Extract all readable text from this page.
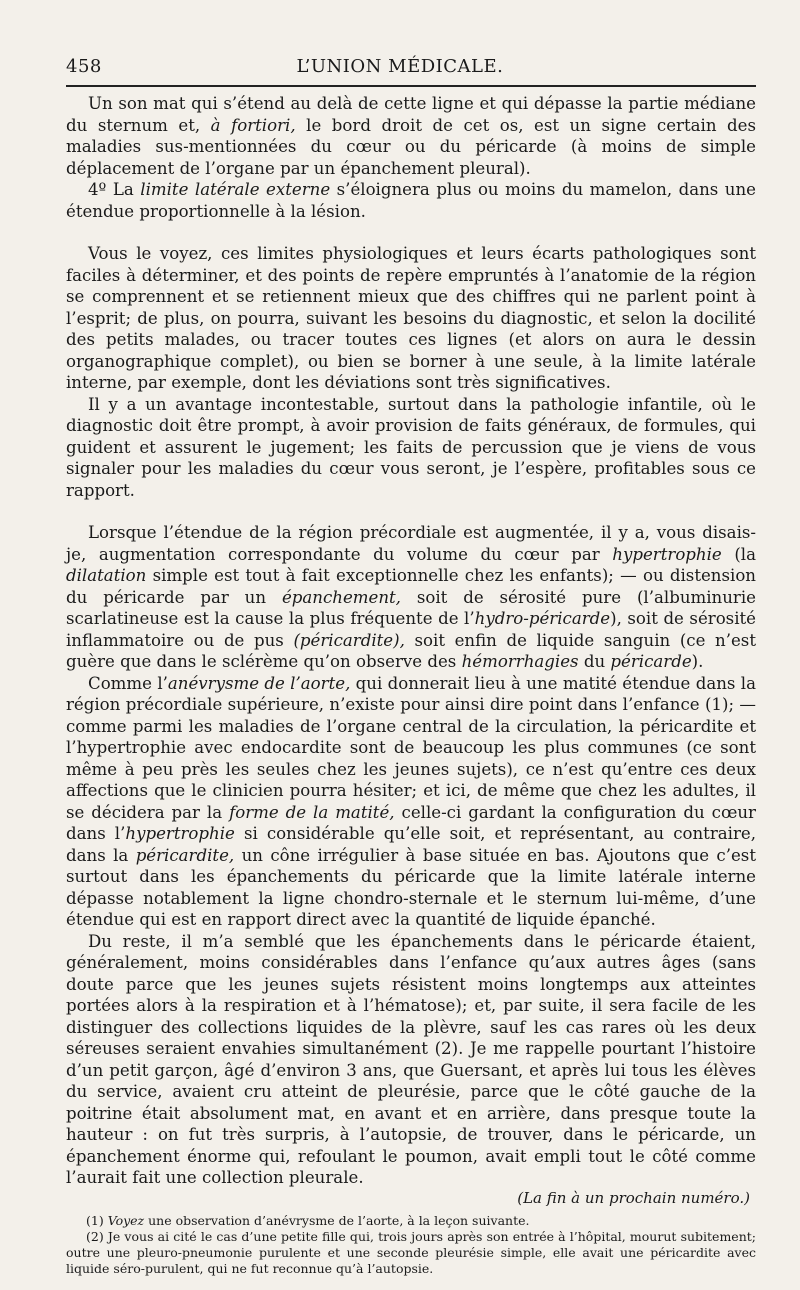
458	L’UNION MÉDICALE.

Un son mat qui s’étend au delà de cette ligne et qui dépasse la partie médiane du sternum et, à fortiori, le bord droit de cet os, est un signe certain des maladies sus-mentionnées du cœur ou du péricarde (à moins de simple déplacement de l’organe par un épanchement pleural).

4º La limite latérale externe s’éloignera plus ou moins du mamelon, dans une étendue proportionnelle à la lésion.

Vous le voyez, ces limites physiologiques et leurs écarts pathologiques sont faciles à déterminer, et des points de repère empruntés à l’anatomie de la région se comprennent et se retiennent mieux que des chiffres qui ne parlent point à l’esprit; de plus, on pourra, suivant les besoins du diagnostic, et selon la docilité des petits malades, ou tracer toutes ces lignes (et alors on aura le dessin organographique complet), ou bien se borner à une seule, à la limite latérale interne, par exemple, dont les déviations sont très significatives.

Il y a un avantage incontestable, surtout dans la pathologie infantile, où le diagnostic doit être prompt, à avoir provision de faits généraux, de formules, qui guident et assurent le jugement; les faits de percussion que je viens de vous signaler pour les maladies du cœur vous seront, je l’espère, profitables sous ce rapport.

Lorsque l’étendue de la région précordiale est augmentée, il y a, vous disais-je, augmentation correspondante du volume du cœur par hypertrophie (la dilatation simple est tout à fait exceptionnelle chez les enfants); — ou distension du péricarde par un épanchement, soit de sérosité pure (l’albuminurie scarlatineuse est la cause la plus fréquente de l’hydro-péricarde), soit de sérosité inflammatoire ou de pus (péricardite), soit enfin de liquide sanguin (ce n’est guère que dans le sclérème qu’on observe des hémorrhagies du péricarde).

Comme l’anévrysme de l’aorte, qui donnerait lieu à une matité étendue dans la région précordiale supérieure, n’existe pour ainsi dire point dans l’enfance (1); — comme parmi les maladies de l’organe central de la circulation, la péricardite et l’hypertrophie avec endocardite sont de beaucoup les plus communes (ce sont même à peu près les seules chez les jeunes sujets), ce n’est qu’entre ces deux affections que le clinicien pourra hésiter; et ici, de même que chez les adultes, il se décidera par la forme de la matité, celle-ci gardant la configuration du cœur dans l’hypertrophie si considérable qu’elle soit, et représentant, au contraire, dans la péricardite, un cône irrégulier à base située en bas. Ajoutons que c’est surtout dans les épanchements du péricarde que la limite latérale interne dépasse notablement la ligne chondro-sternale et le sternum lui-même, d’une étendue qui est en rapport direct avec la quantité de liquide épanché.

Du reste, il m’a semblé que les épanchements dans le péricarde étaient, généralement, moins considérables dans l’enfance qu’aux autres âges (sans doute parce que les jeunes sujets résistent moins longtemps aux atteintes portées alors à la respiration et à l’hématose); et, par suite, il sera facile de les distinguer des collections liquides de la plèvre, sauf les cas rares où les deux séreuses seraient envahies simultanément (2). Je me rappelle pourtant l’histoire d’un petit garçon, âgé d’environ 3 ans, que Guersant, et après lui tous les élèves du service, avaient cru atteint de pleurésie, parce que le côté gauche de la poitrine était absolument mat, en avant et en arrière, dans presque toute la hauteur : on fut très surpris, à l’autopsie, de trouver, dans le péricarde, un épanchement énorme qui, refoulant le poumon, avait empli tout le côté comme l’aurait fait une collection pleurale.

(La fin à un prochain numéro.)

(1) Voyez une observation d’anévrysme de l’aorte, à la leçon suivante.

(2) Je vous ai cité le cas d’une petite fille qui, trois jours après son entrée à l’hôpital, mourut subitement; outre une pleuro-pneumonie purulente et une seconde pleurésie simple, elle avait une péricardite avec liquide séro-purulent, qui ne fut reconnue qu’à l’autopsie.
